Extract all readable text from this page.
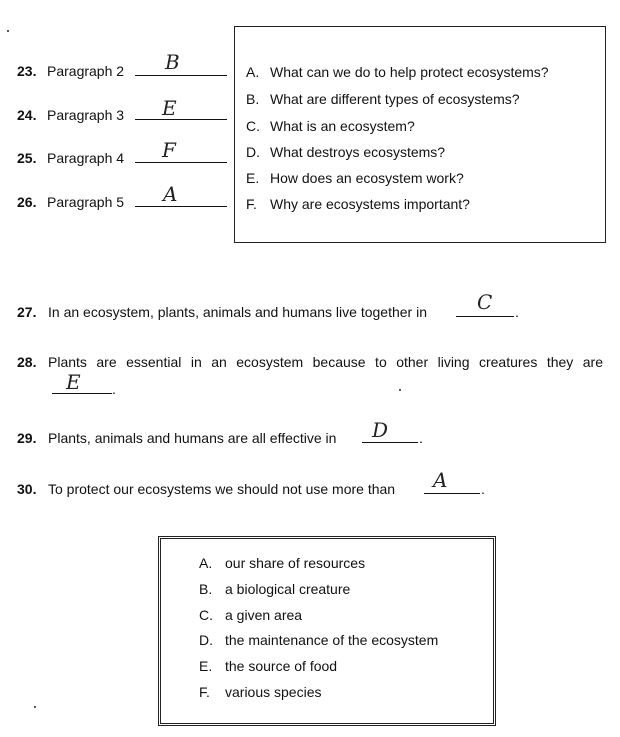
23. Paragraph 2 B
24. Paragraph 3 E
25. Paragraph 4 F
26. Paragraph 5 A
A. What can we do to help protect ecosystems?
B. What are different types of ecosystems?
C. What is an ecosystem?
D. What destroys ecosystems?
E. How does an ecosystem work?
F. Why are ecosystems important?
27. In an ecosystem, plants, animals and humans live together in	C .
28. Plants are essential in an ecosystem because to other living creatures they are
E .
29. Plants, animals and humans are all effective in D .
30. To protect our ecosystems we should not use more than A .
A. our share of resources
B. a biological creature
C. a given area
D. the maintenance of the ecosystem
E. the source of food
F. various species
